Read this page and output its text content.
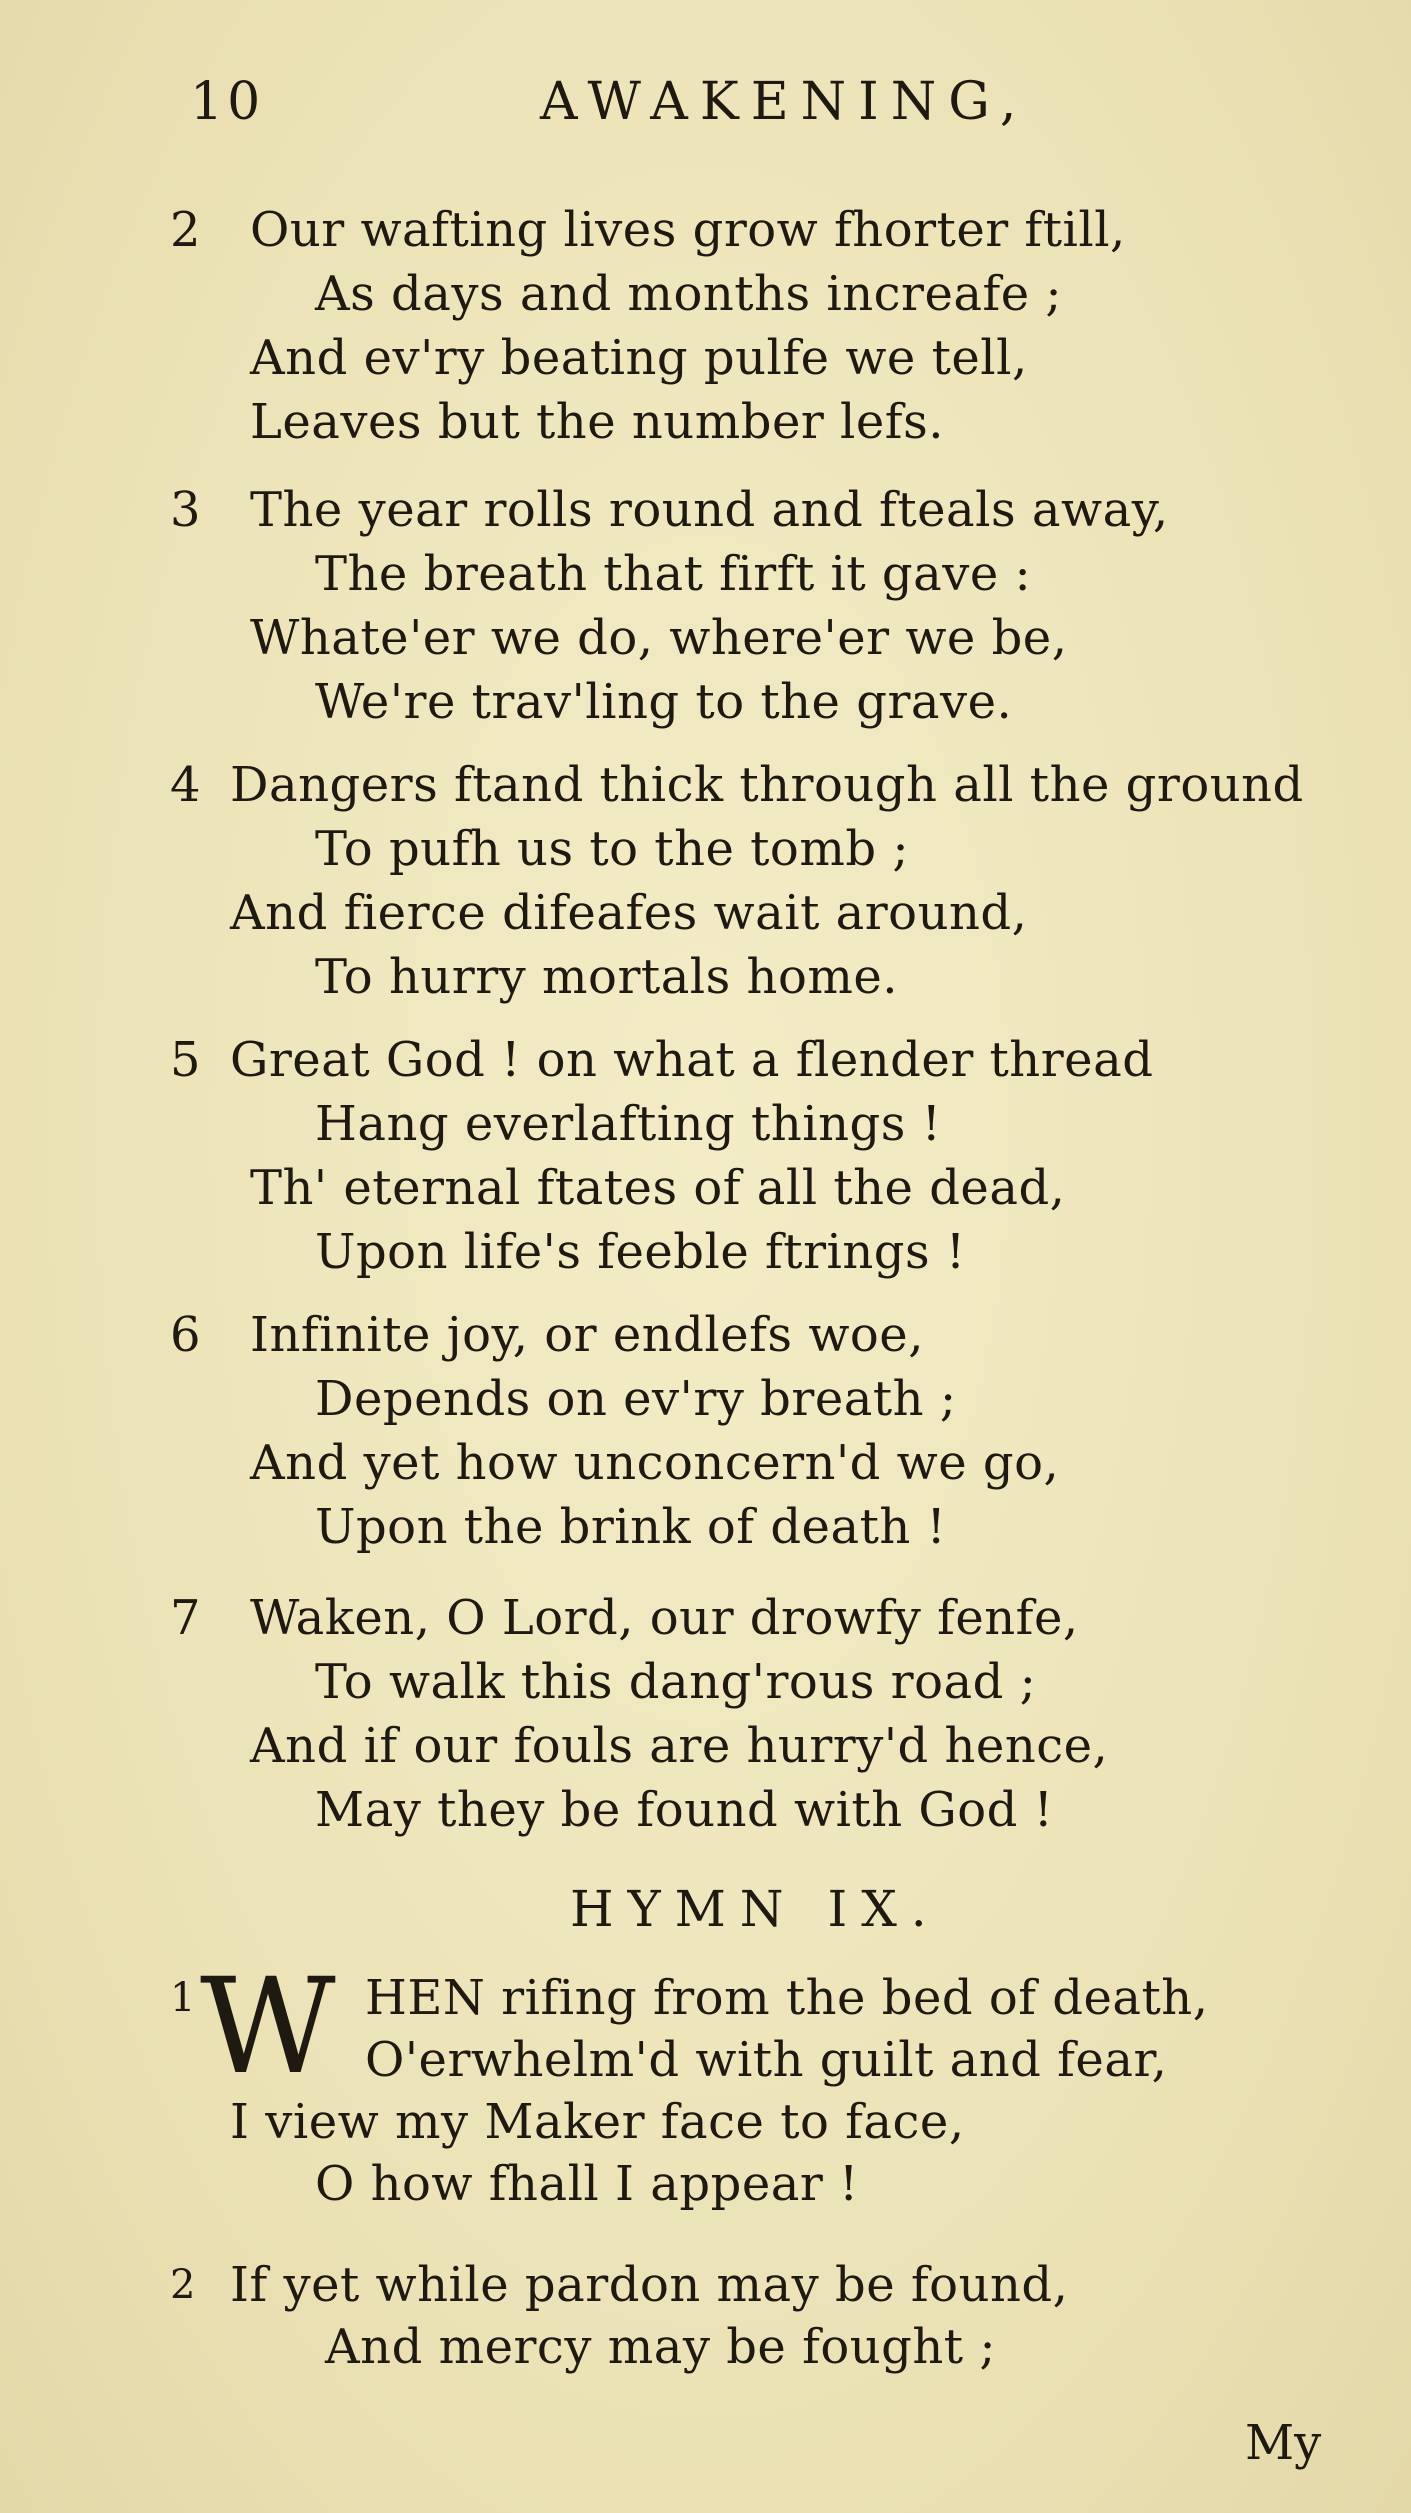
10	AWAKENING,
2 Our wafting lives grow fhorter ftill,
As days and months increafe ;
And ev'ry beating pulfe we tell,
Leaves but the number lefs.
3 The year rolls round and fteals away,
The breath that firft it gave :
Whate'er we do, where'er we be,
We're trav'ling to the grave.
4 Dangers ftand thick through all the ground
To pufh us to the tomb ;
And fierce difeafes wait around,
To hurry mortals home.
5 Great God ! on what a flender thread
Hang everlafting things !
Th' eternal ftates of all the dead,
Upon life's feeble ftrings !
6 Infinite joy, or endlefs woe,
Depends on ev'ry breath ;
And yet how unconcern'd we go,
Upon the brink of death !
7 Waken, O Lord, our drowfy fenfe,
To walk this dang'rous road ;
And if our fouls are hurry'd hence,
May they be found with God !
HYMN IX.
W
1	HEN rifing from the bed of death,
O'erwhelm'd with guilt and fear,
I view my Maker face to face,
O how fhall I appear !
2 If yet while pardon may be found,
And mercy may be fought ;
My
